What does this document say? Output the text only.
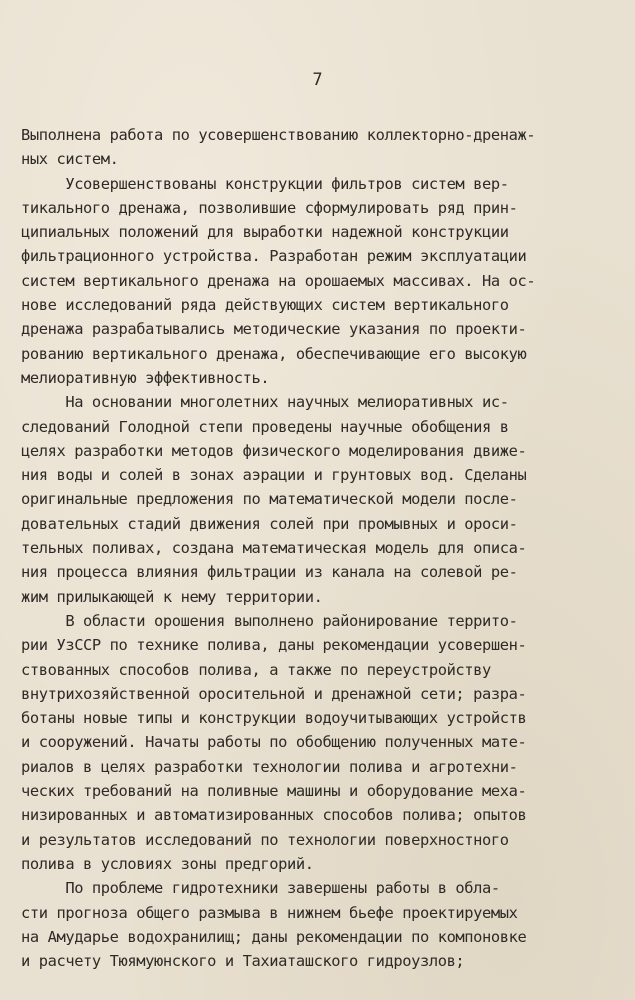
7
Выполнена работа по усовершенствованию коллекторно-дренаж-
ных систем.
Усовершенствованы конструкции фильтров систем вер-
тикального дренажа, позволившие сформулировать ряд прин-
ципиальных положений для выработки надежной конструкции
фильтрационного устройства. Разработан режим эксплуатации
систем вертикального дренажа на орошаемых массивах. На ос-
нове исследований ряда действующих систем вертикального
дренажа разрабатывались методические указания по проекти-
рованию вертикального дренажа, обеспечивающие его высокую
мелиоративную эффективность.
На основании многолетних научных мелиоративных ис-
следований Голодной степи проведены научные обобщения в
целях разработки методов физического моделирования движе-
ния воды и солей в зонах аэрации и грунтовых вод. Сделаны
оригинальные предложения по математической модели после-
довательных стадий движения солей при промывных и ороси-
тельных поливах, создана математическая модель для описа-
ния процесса влияния фильтрации из канала на солевой ре-
жим прилыкающей к нему территории.
В области орошения выполнено районирование террито-
рии УзССР по технике полива, даны рекомендации усовершен-
ствованных способов полива, а также по переустройству
внутрихозяйственной оросительной и дренажной сети; разра-
ботаны новые типы и конструкции водоучитывающих устройств
и сооружений. Начаты работы по обобщению полученных мате-
риалов в целях разработки технологии полива и агротехни-
ческих требований на поливные машины и оборудование меха-
низированных и автоматизированных способов полива; опытов
и результатов исследований по технологии поверхностного
полива в условиях зоны предгорий.
По проблеме гидротехники завершены работы в обла-
сти прогноза общего размыва в нижнем бьефе проектируемых
на Амударье водохранилищ; даны рекомендации по компоновке
и расчету Тюямуюнского и Тахиаташского гидроузлов;
